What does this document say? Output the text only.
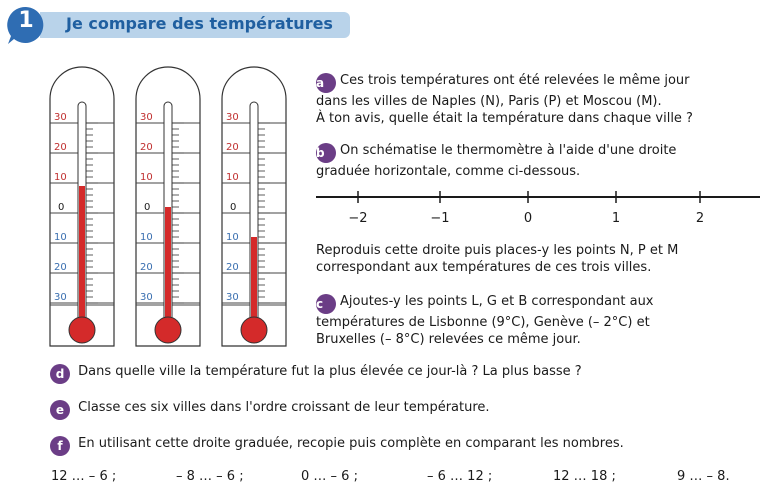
1	Je compare des températures
30
20
10
0
10
20
30
30
20
10
0
10
20
30
30
20
10
0
10
20
30
a Ces trois températures ont été relevées le même jour
dans les villes de Naples (N), Paris (P) et Moscou (M).
À ton avis, quelle était la température dans chaque ville ?
b On schématise le thermomètre à l'aide d'une droite
graduée horizontale, comme ci-dessous.
−2	−1	0	1	2
Reproduis cette droite puis places-y les points N, P et M
correspondant aux températures de ces trois villes.
c Ajoutes-y les points L, G et B correspondant aux
températures de Lisbonne (9°C), Genève (– 2°C) et
Bruxelles (– 8°C) relevées ce même jour.
d Dans quelle ville la température fut la plus élevée ce jour-là ? La plus basse ?
e Classe ces six villes dans l'ordre croissant de leur température.
f En utilisant cette droite graduée, recopie puis complète en comparant les nombres.
12 … – 6 ;	– 8 … – 6 ;	0 … – 6 ;	– 6 … 12 ;	12 … 18 ;	9 … – 8.
